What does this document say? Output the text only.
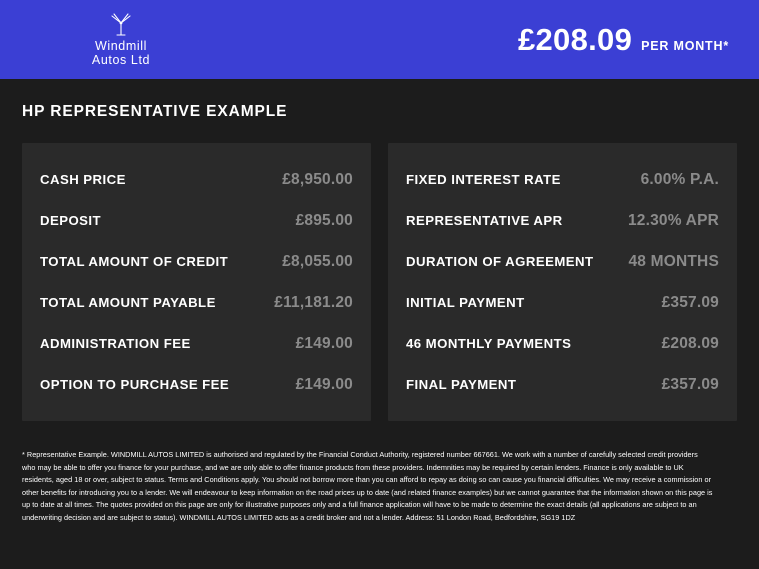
Windmill
Autos Ltd
£208.09 PER MONTH*
HP REPRESENTATIVE EXAMPLE
CASH PRICE	£8,950.00
DEPOSIT	£895.00
TOTAL AMOUNT OF CREDIT	£8,055.00
TOTAL AMOUNT PAYABLE	£11,181.20
ADMINISTRATION FEE	£149.00
OPTION TO PURCHASE FEE	£149.00
FIXED INTEREST RATE	6.00% P.A.
REPRESENTATIVE APR	12.30% APR
DURATION OF AGREEMENT 48 MONTHS
INITIAL PAYMENT	£357.09
46 MONTHLY PAYMENTS	£208.09
FINAL PAYMENT	£357.09
* Representative Example. WINDMILL AUTOS LIMITED is authorised and regulated by the Financial Conduct Authority, registered number 667661. We work with a number of carefully selected credit providers who may be able to offer you finance for your purchase, and we are only able to offer finance products from these providers. Indemnities may be required by certain lenders. Finance is only available to UK residents, aged 18 or over, subject to status. Terms and Conditions apply. You should not borrow more than you can afford to repay as doing so can cause you financial difficulties. We may receive a commission or other benefits for introducing you to a lender. We will endeavour to keep information on the road prices up to date (and related finance examples) but we cannot guarantee that the information shown on this page is up to date at all times. The quotes provided on this page are only for illustrative purposes only and a full finance application will have to be made to determine the exact details (all applications are subject to an underwriting decision and are subject to status). WINDMILL AUTOS LIMITED acts as a credit broker and not a lender. Address: 51 London Road, Bedfordshire, SG19 1DZ
